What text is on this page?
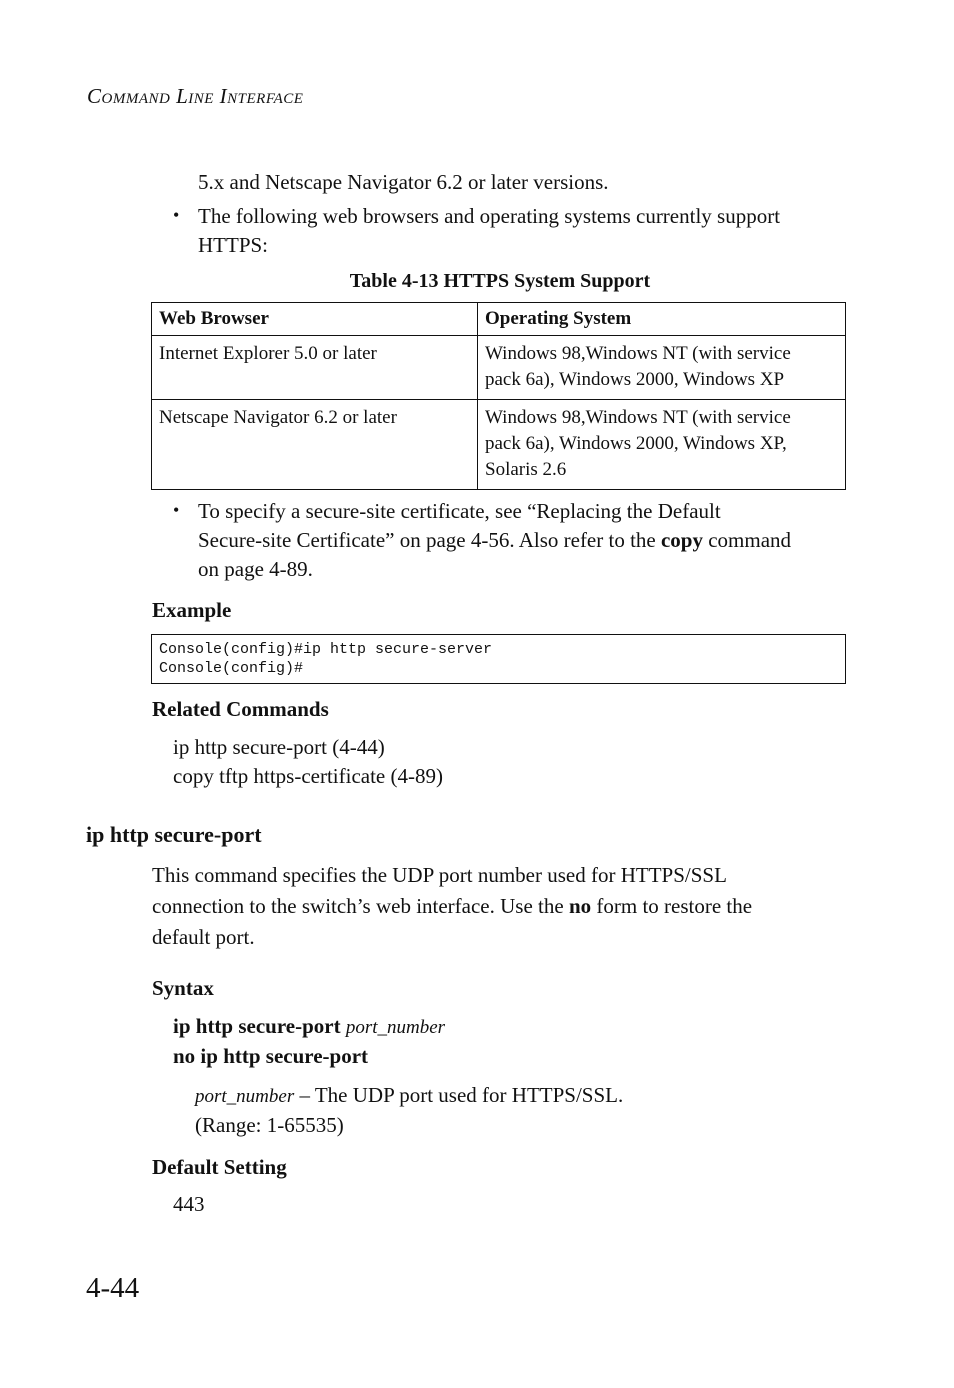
Command Line Interface
5.x and Netscape Navigator 6.2 or later versions.
• The following web browsers and operating systems currently support
HTTPS:
Table 4-13 HTTPS System Support
Web Browser	Operating System
Internet Explorer 5.0 or later	Windows 98,Windows NT (with service
pack 6a), Windows 2000, Windows XP

Netscape Navigator 6.2 or later	Windows 98,Windows NT (with service
pack 6a), Windows 2000, Windows XP,
Solaris 2.6
• To specify a secure-site certificate, see “Replacing the Default
Secure-site Certificate” on page 4-56. Also refer to the copy command
on page 4-89.
Example
Console(config)#ip http secure-server
Console(config)#
Related Commands
ip http secure-port (4-44)
copy tftp https-certificate (4-89)
ip http secure-port
This command specifies the UDP port number used for HTTPS/SSL
connection to the switch’s web interface. Use the no form to restore the
default port.
Syntax
ip http secure-port port_number
no ip http secure-port
port_number – The UDP port used for HTTPS/SSL.
(Range: 1-65535)
Default Setting
443
4-44
